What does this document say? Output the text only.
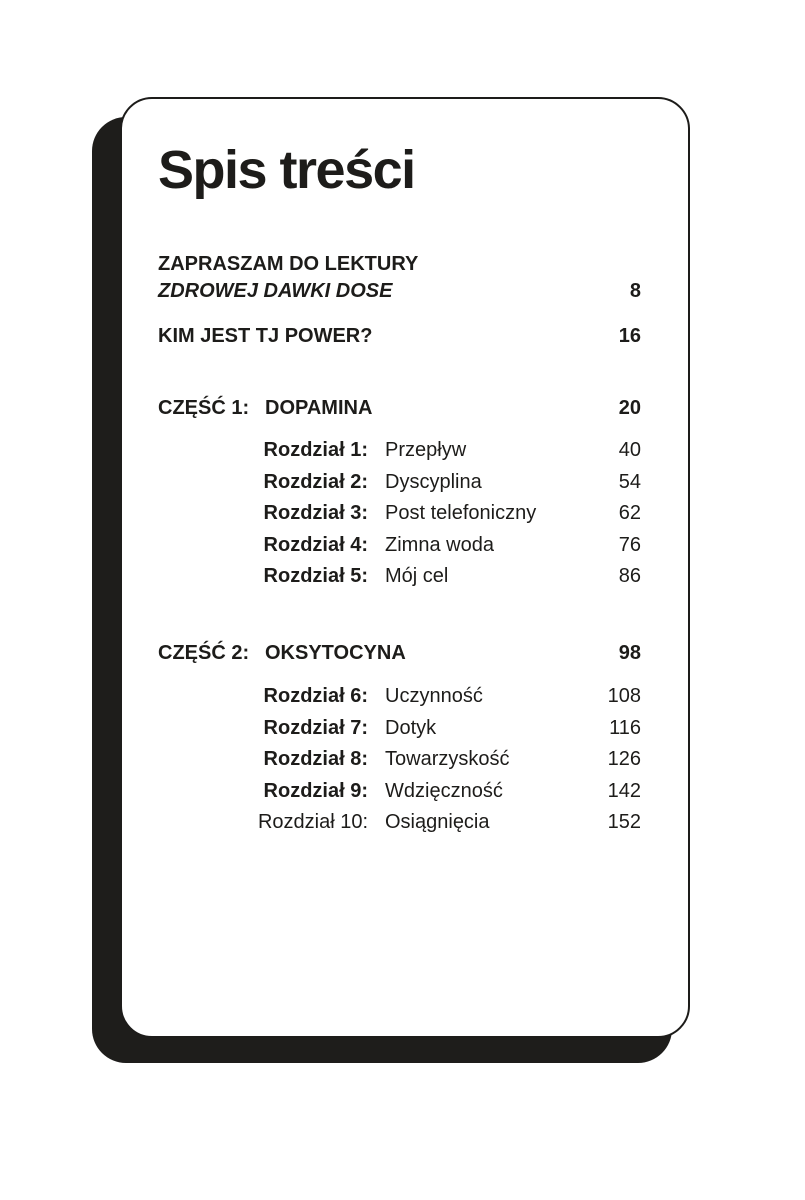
Spis treści
ZAPRASZAM DO LEKTURY
ZDROWEJ DAWKI DOSE	8
KIM JEST TJ POWER?	16
CZĘŚĆ 1: DOPAMINA	20
Rozdział 1: Przepływ	40
Rozdział 2: Dyscyplina	54
Rozdział 3: Post telefoniczny	62
Rozdział 4: Zimna woda	76
Rozdział 5: Mój cel	86
CZĘŚĆ 2: OKSYTOCYNA	98
Rozdział 6: Uczynność	108
Rozdział 7: Dotyk	116
Rozdział 8: Towarzyskość	126
Rozdział 9: Wdzięczność	142
Rozdział 10: Osiągnięcia	152
